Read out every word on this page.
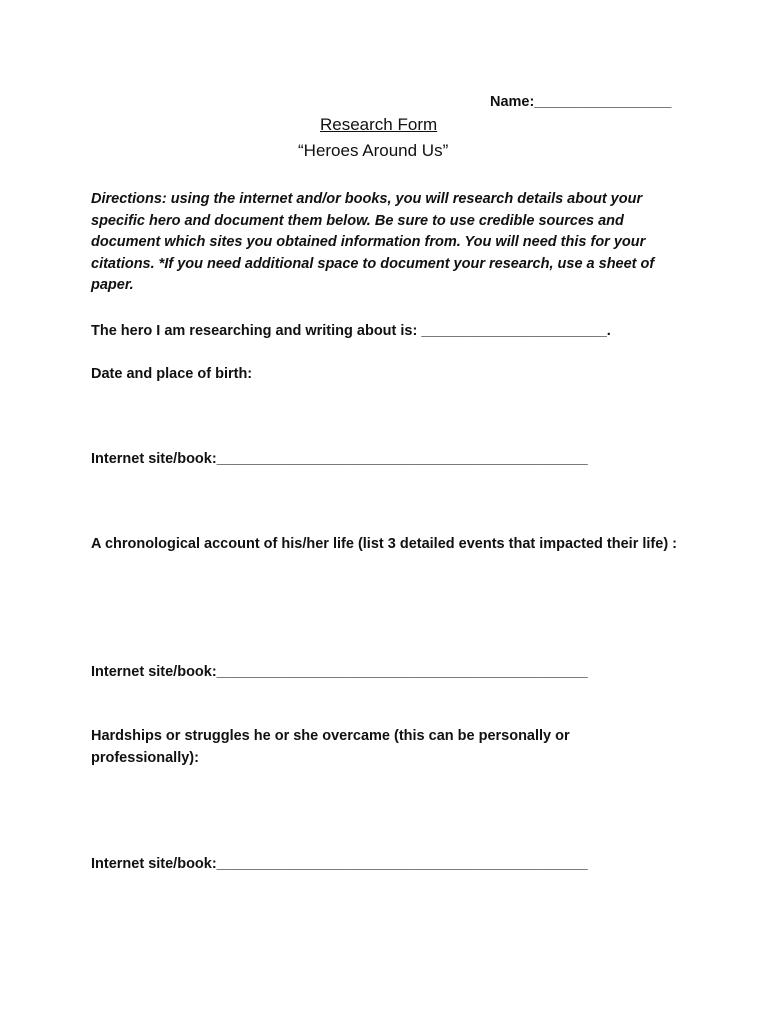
Name:_________________
Research Form
“Heroes Around Us”
Directions: using the internet and/or books, you will research details about your specific hero and document them below. Be sure to use credible sources and document which sites you obtained information from. You will need this for your citations. *If you need additional space to document your research, use a sheet of paper.
The hero I am researching and writing about is: _______________________.
Date and place of birth:
Internet site/book:______________________________________________
A chronological account of his/her life (list 3 detailed events that impacted their life) :
Internet site/book:______________________________________________
Hardships or struggles he or she overcame (this can be personally or professionally):
Internet site/book:______________________________________________
